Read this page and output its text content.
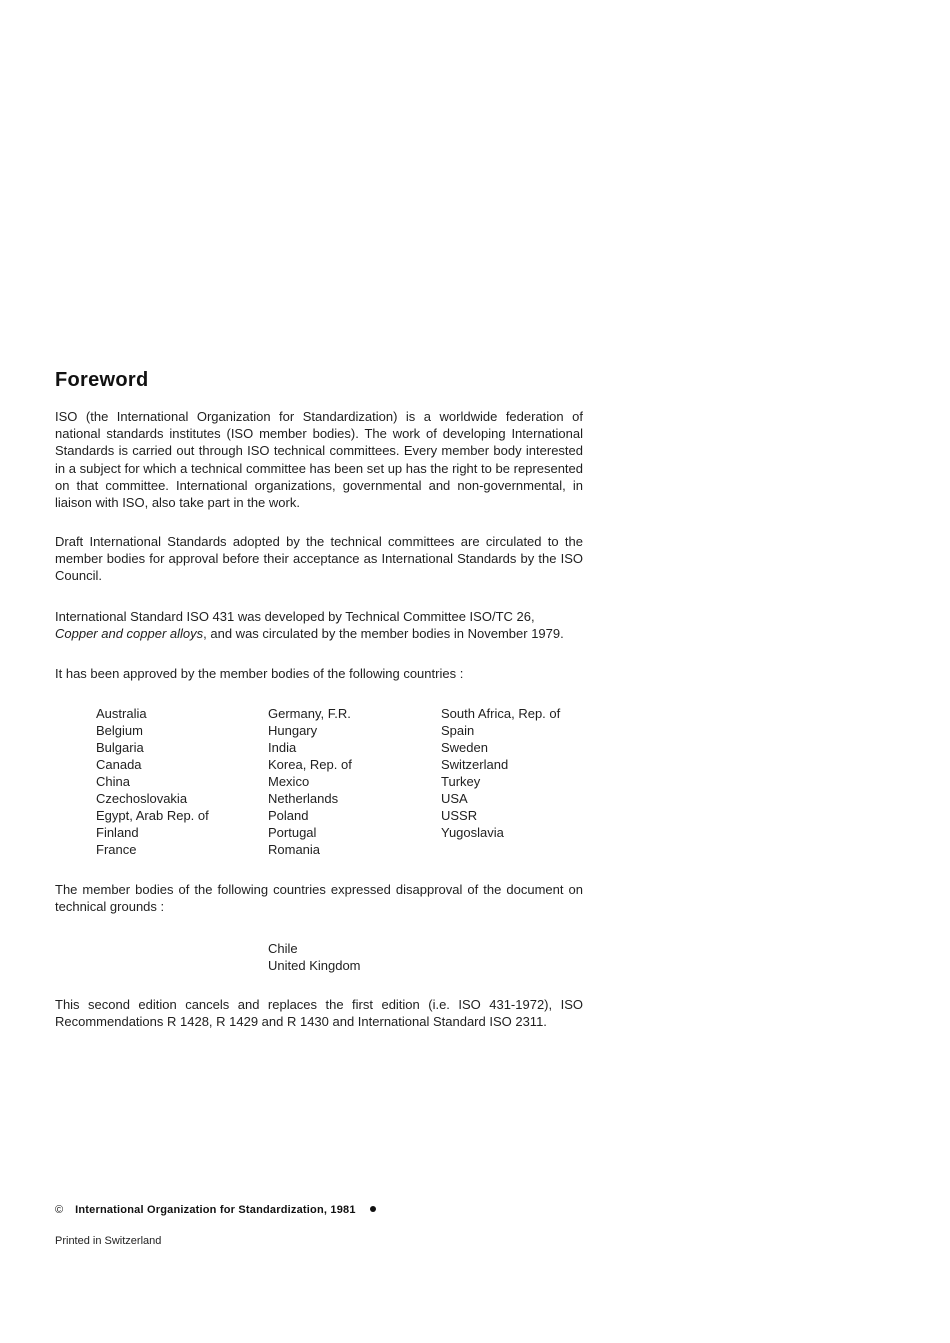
Foreword

ISO (the International Organization for Standardization) is a worldwide federation of national standards institutes (ISO member bodies). The work of developing International Standards is carried out through ISO technical committees. Every member body interested in a subject for which a technical committee has been set up has the right to be represented on that committee. International organizations, governmental and non-governmental, in liaison with ISO, also take part in the work.

Draft International Standards adopted by the technical committees are circulated to the member bodies for approval before their acceptance as International Standards by the ISO Council.

International Standard ISO 431 was developed by Technical Committee ISO/TC 26,
Copper and copper alloys, and was circulated by the member bodies in November 1979.

It has been approved by the member bodies of the following countries :

Australia
Belgium
Bulgaria
Canada
China
Czechoslovakia
Egypt, Arab Rep. of
Finland
France
Germany, F.R.
Hungary
India
Korea, Rep. of
Mexico
Netherlands
Poland
Portugal
Romania
South Africa, Rep. of
Spain
Sweden
Switzerland
Turkey
USA
USSR
Yugoslavia

The member bodies of the following countries expressed disapproval of the document on technical grounds :

Chile
United Kingdom

This second edition cancels and replaces the first edition (i.e. ISO 431-1972), ISO Recommendations R 1428, R 1429 and R 1430 and International Standard ISO 2311.

© International Organization for Standardization, 1981
Printed in Switzerland
